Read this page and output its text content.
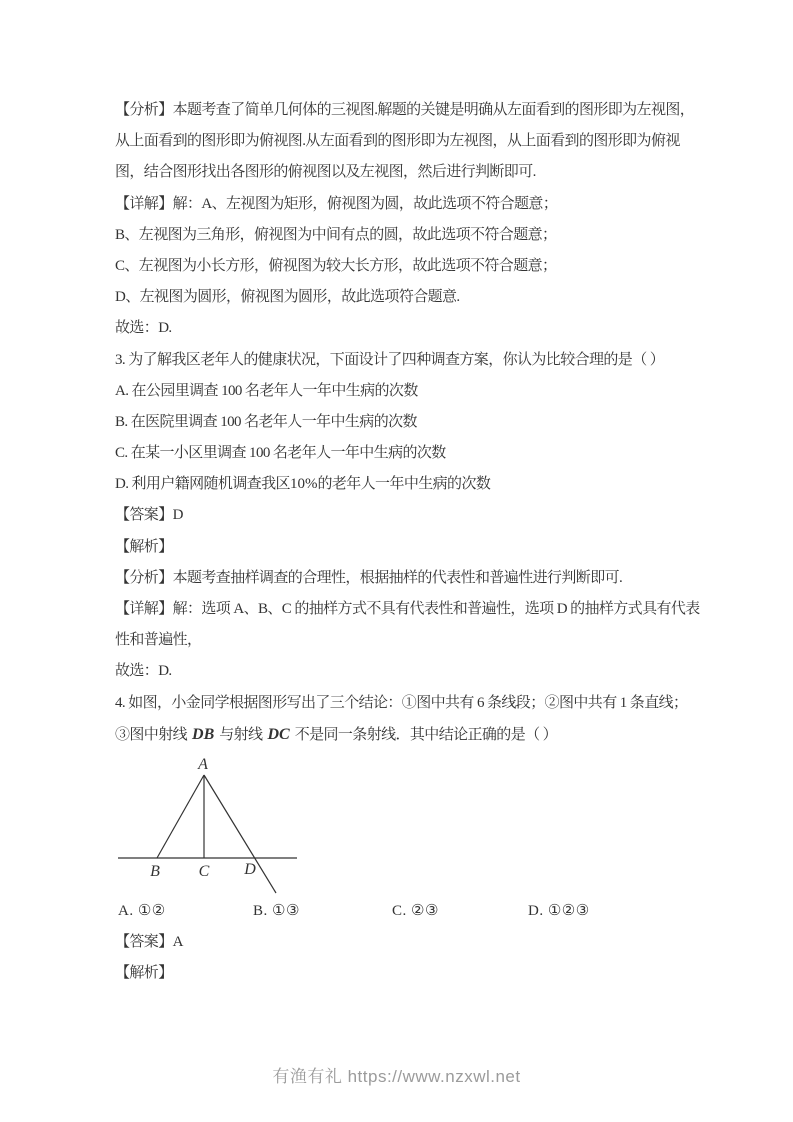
【分析】本题考查了简单几何体的三视图.解题的关键是明确从左面看到的图形即为左视图，
从上面看到的图形即为俯视图.从左面看到的图形即为左视图，从上面看到的图形即为俯视
图，结合图形找出各图形的俯视图以及左视图，然后进行判断即可.
【详解】解：A、左视图为矩形，俯视图为圆，故此选项不符合题意；
B、左视图为三角形，俯视图为中间有点的圆，故此选项不符合题意；
C、左视图为小长方形，俯视图为较大长方形，故此选项不符合题意；
D、左视图为圆形，俯视图为圆形，故此选项符合题意.
故选：D.
3. 为了解我区老年人的健康状况，下面设计了四种调查方案，你认为比较合理的是（ ）
A. 在公园里调查 100 名老年人一年中生病的次数
B. 在医院里调查 100 名老年人一年中生病的次数
C. 在某一小区里调查 100 名老年人一年中生病的次数
D. 利用户籍网随机调查我区10%的老年人一年中生病的次数
【答案】D
【解析】
【分析】本题考查抽样调查的合理性，根据抽样的代表性和普遍性进行判断即可.
【详解】解：选项 A、B、C 的抽样方式不具有代表性和普遍性，选项 D 的抽样方式具有代表
性和普遍性，
故选：D.
4. 如图，小金同学根据图形写出了三个结论：①图中共有 6 条线段；②图中共有 1 条直线；
③图中射线 DB 与射线 DC 不是同一条射线．其中结论正确的是（ ）
A
B C D
A. ①②	B. ①③	C. ②③	D. ①②③
【答案】A
【解析】
有渔有礼 https://www.nzxwl.net
